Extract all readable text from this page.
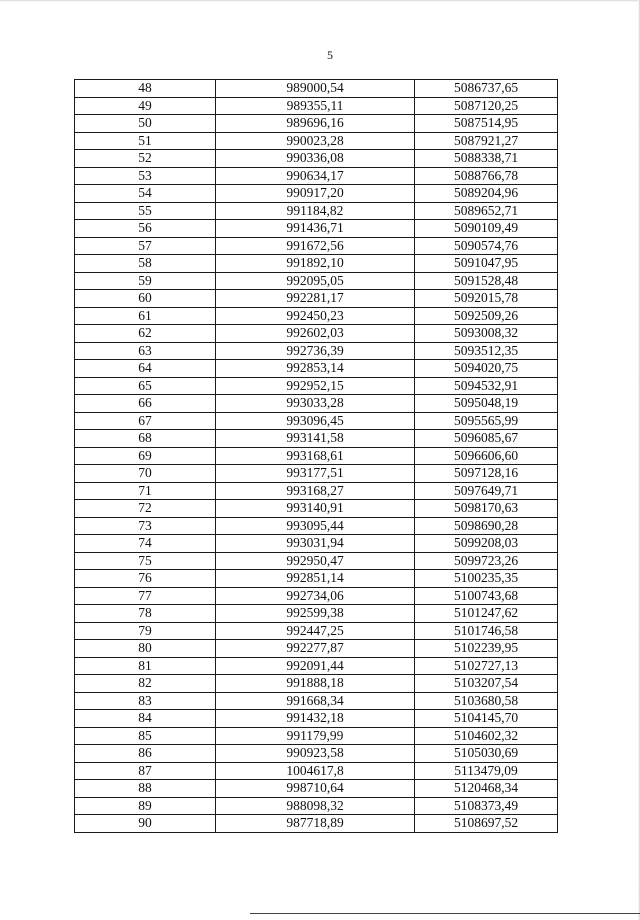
5
48	989000,54	5086737,65
49	989355,11	5087120,25
50	989696,16	5087514,95
51	990023,28	5087921,27
52	990336,08	5088338,71
53	990634,17	5088766,78
54	990917,20	5089204,96
55	991184,82	5089652,71
56	991436,71	5090109,49
57	991672,56	5090574,76
58	991892,10	5091047,95
59	992095,05	5091528,48
60	992281,17	5092015,78
61	992450,23	5092509,26
62	992602,03	5093008,32
63	992736,39	5093512,35
64	992853,14	5094020,75
65	992952,15	5094532,91
66	993033,28	5095048,19
67	993096,45	5095565,99
68	993141,58	5096085,67
69	993168,61	5096606,60
70	993177,51	5097128,16
71	993168,27	5097649,71
72	993140,91	5098170,63
73	993095,44	5098690,28
74	993031,94	5099208,03
75	992950,47	5099723,26
76	992851,14	5100235,35
77	992734,06	5100743,68
78	992599,38	5101247,62
79	992447,25	5101746,58
80	992277,87	5102239,95
81	992091,44	5102727,13
82	991888,18	5103207,54
83	991668,34	5103680,58
84	991432,18	5104145,70
85	991179,99	5104602,32
86	990923,58	5105030,69
87	1004617,8	5113479,09
88	998710,64	5120468,34
89	988098,32	5108373,49
90	987718,89	5108697,52
